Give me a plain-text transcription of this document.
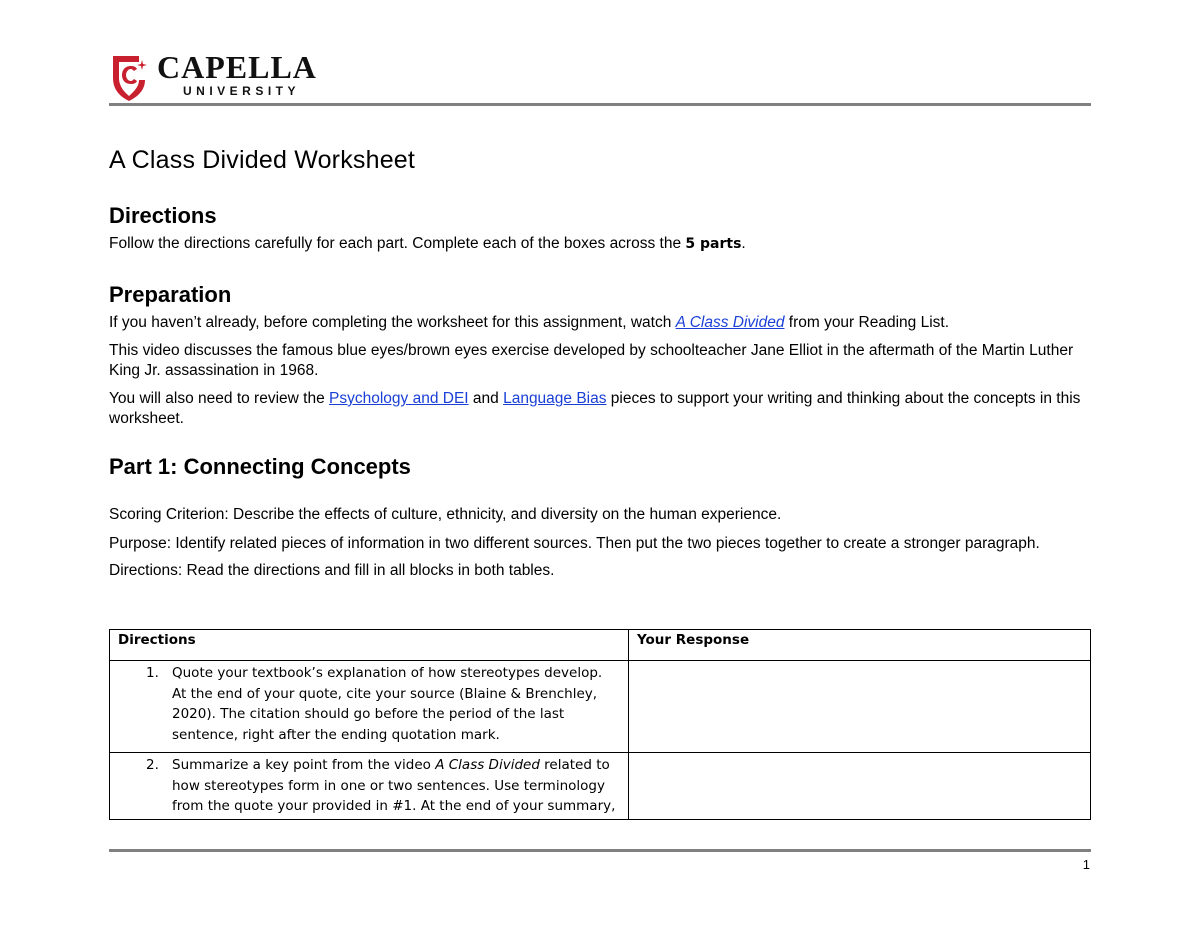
CAPELLA
UNIVERSITY
A Class Divided Worksheet
Directions

Follow the directions carefully for each part. Complete each of the boxes across the 5 parts.

Preparation

If you haven’t already, before completing the worksheet for this assignment, watch A Class Divided from your Reading List.

This video discusses the famous blue eyes/brown eyes exercise developed by schoolteacher Jane Elliot in the aftermath of the Martin Luther King Jr. assassination in 1968.

You will also need to review the Psychology and DEI and Language Bias pieces to support your writing and thinking about the concepts in this worksheet.

Part 1: Connecting Concepts

Scoring Criterion: Describe the effects of culture, ethnicity, and diversity on the human experience.

Purpose: Identify related pieces of information in two different sources. Then put the two pieces together to create a stronger paragraph.

Directions: Read the directions and fill in all blocks in both tables.

Directions	Your Response

1. Quote your textbook’s explanation of how stereotypes develop. At the end of your quote, cite your source (Blaine & Brenchley, 2020). The citation should go before the period of the last sentence, right after the ending quotation mark.	

2. Summarize a key point from the video A Class Divided related to how stereotypes form in one or two sentences. Use terminology from the quote your provided in #1. At the end of your summary,	
1
